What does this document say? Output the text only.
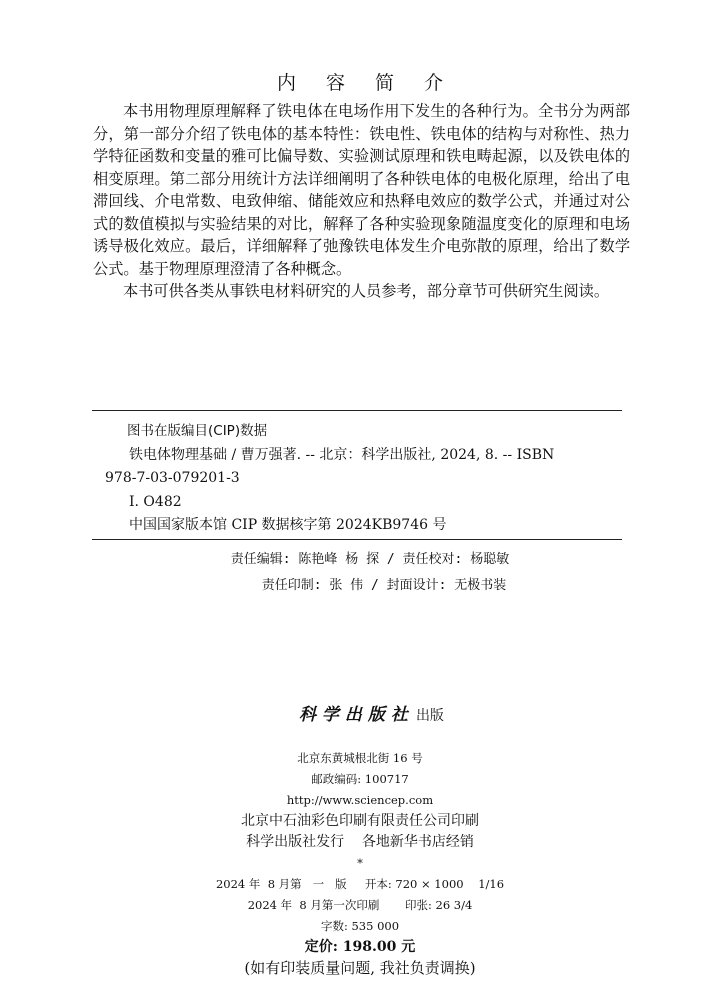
内 容 简 介

本书用物理原理解释了铁电体在电场作用下发生的各种行为。全书分为两部分，第一部分介绍了铁电体的基本特性：铁电性、铁电体的结构与对称性、热力学特征函数和变量的雅可比偏导数、实验测试原理和铁电畴起源，以及铁电体的相变原理。第二部分用统计方法详细阐明了各种铁电体的电极化原理，给出了电滞回线、介电常数、电致伸缩、储能效应和热释电效应的数学公式，并通过对公式的数值模拟与实验结果的对比，解释了各种实验现象随温度变化的原理和电场诱导极化效应。最后，详细解释了弛豫铁电体发生介电弥散的原理，给出了数学公式。基于物理原理澄清了各种概念。

本书可供各类从事铁电材料研究的人员参考，部分章节可供研究生阅读。

图书在版编目(CIP)数据
铁电体物理基础 / 曹万强著. -- 北京：科学出版社, 2024, 8. -- ISBN
978-7-03-079201-3
Ⅰ. O482
中国国家版本馆 CIP 数据核字第 2024KB9746 号
责任编辑: 陈艳峰 杨 探 / 责任校对: 杨聪敏
责任印制: 张 伟 / 封面设计: 无极书装

科学出版社 出版

北京东黄城根北街 16 号
邮政编码: 100717
http://www.sciencep.com
北京中石油彩色印刷有限责任公司印刷
科学出版社发行    各地新华书店经销
*
2024 年  8 月第   一   版     开本: 720 × 1000    1/16
2024 年  8 月第一次印刷       印张: 26 3/4
字数: 535 000
定价: 198.00 元
(如有印装质量问题, 我社负责调换)
